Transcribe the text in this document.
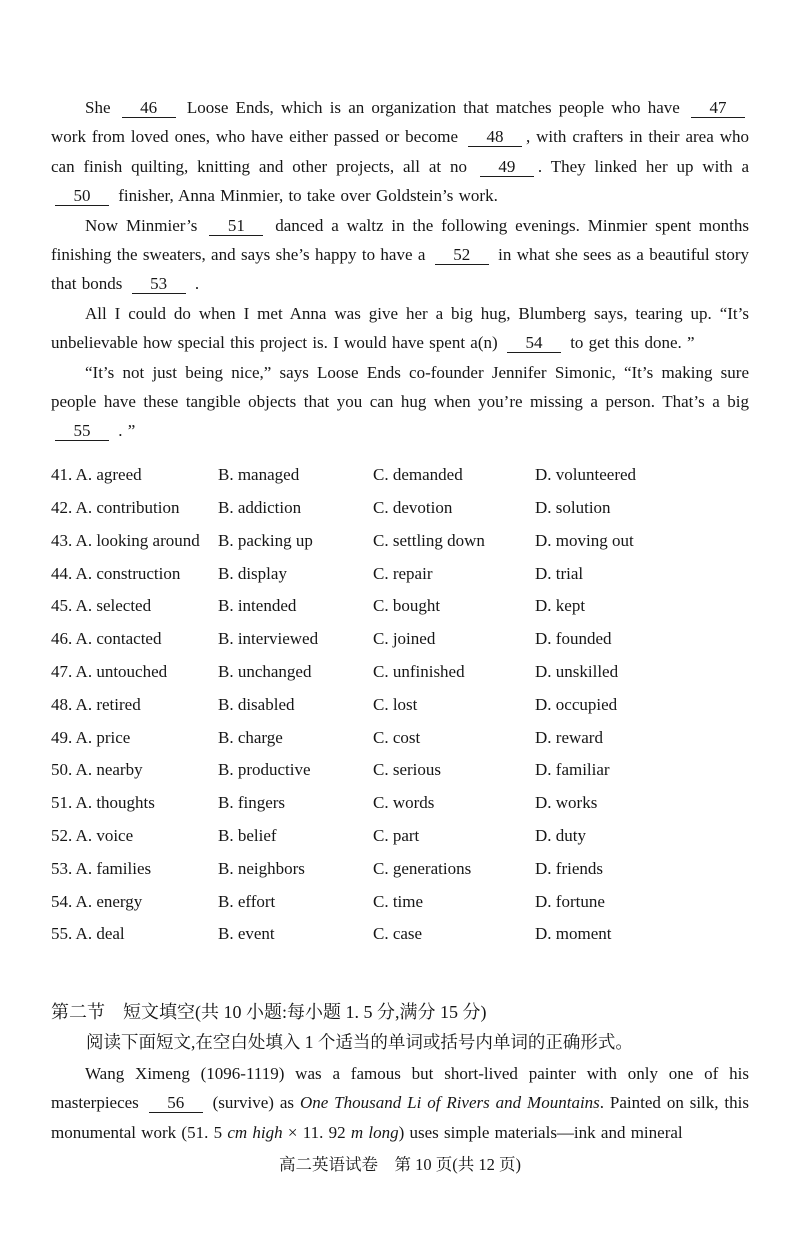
She 46 Loose Ends, which is an organization that matches people who have 47 work from loved ones, who have either passed or become 48 , with crafters in their area who can finish quilting, knitting and other projects, all at no 49 . They linked her up with a 50 finisher, Anna Minmier, to take over Goldstein’s work.

Now Minmier’s 51 danced a waltz in the following evenings. Minmier spent months finishing the sweaters, and says she’s happy to have a 52 in what she sees as a beautiful story that bonds 53 .

All I could do when I met Anna was give her a big hug, Blumberg says, tearing up. “It’s unbelievable how special this project is. I would have spent a(n) 54 to get this done. ”

“It’s not just being nice,” says Loose Ends co-founder Jennifer Simonic, “It’s making sure people have these tangible objects that you can hug when you’re missing a person. That’s a big 55 . ”

41. A. agreed	B. managed	C. demanded	D. volunteered
42. A. contribution	B. addiction	C. devotion	D. solution
43. A. looking around	B. packing up	C. settling down	D. moving out
44. A. construction	B. display	C. repair	D. trial
45. A. selected	B. intended	C. bought	D. kept
46. A. contacted	B. interviewed	C. joined	D. founded
47. A. untouched	B. unchanged	C. unfinished	D. unskilled
48. A. retired	B. disabled	C. lost	D. occupied
49. A. price	B. charge	C. cost	D. reward
50. A. nearby	B. productive	C. serious	D. familiar
51. A. thoughts	B. fingers	C. words	D. works
52. A. voice	B. belief	C. part	D. duty
53. A. families	B. neighbors	C. generations	D. friends
54. A. energy	B. effort	C. time	D. fortune
55. A. deal	B. event	C. case	D. moment
第二节　短文填空(共 10 小题:每小题 1. 5 分,满分 15 分)

阅读下面短文,在空白处填入 1 个适当的单词或括号内单词的正确形式。

Wang Ximeng (1096-1119) was a famous but short-lived painter with only one of his masterpieces 56 (survive) as One Thousand Li of Rivers and Mountains. Painted on silk, this monumental work (51. 5 cm high × 11. 92 m long) uses simple materials—ink and mineral

高二英语试卷　第 10 页(共 12 页)
